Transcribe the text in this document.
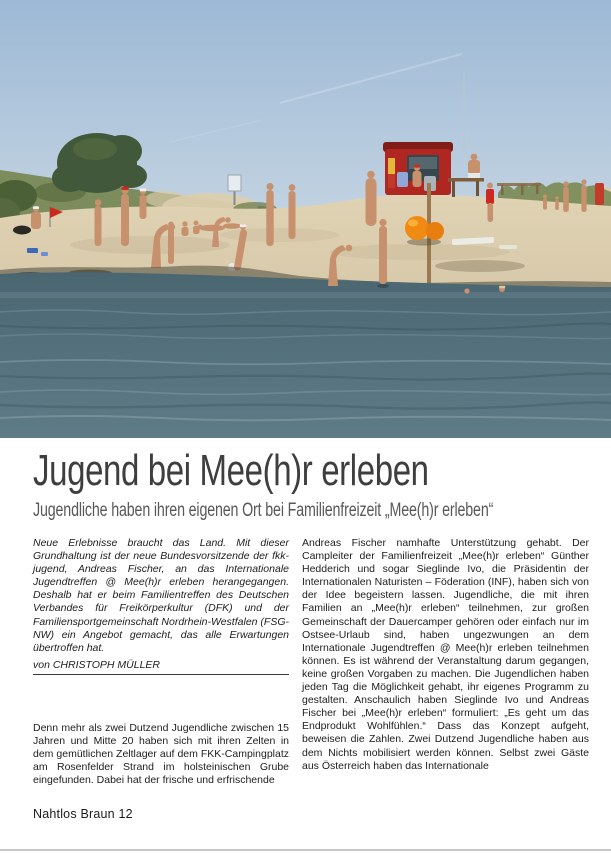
Jugend bei Mee(h)r erleben
Jugendliche haben ihren eigenen Ort bei Familienfreizeit „Mee(h)r erleben“

Neue Erlebnisse braucht das Land. Mit dieser Grundhaltung ist der neue Bundesvorsitzende der fkk-jugend, Andreas Fischer, an das Internationale Jugendtreffen @ Mee(h)r erleben herangegangen. Deshalb hat er beim Familientreffen des Deutschen Verbandes für Freikörperkultur (DFK) und der Familiensportgemeinschaft Nordrhein-Westfalen (FSG-NW) ein Angebot gemacht, das alle Erwartungen übertroffen hat.

von CHRISTOPH MÜLLER

Denn mehr als zwei Dutzend Jugendliche zwischen 15 Jahren und Mitte 20 haben sich mit ihren Zelten in dem gemütlichen Zeltlager auf dem FKK-Campingplatz am Rosenfelder Strand im holsteinischen Grube eingefunden. Dabei hat der frische und erfrischende

Andreas Fischer namhafte Unterstützung gehabt. Der Campleiter der Familienfreizeit „Mee(h)r erleben“ Günther Hedderich und sogar Sieglinde Ivo, die Präsidentin der Internationalen Naturisten – Föderation (INF), haben sich von der Idee begeistern lassen. Jugendliche, die mit ihren Familien an „Mee(h)r erleben“ teilnehmen, zur großen Gemeinschaft der Dauercamper gehören oder einfach nur im Ostsee-Urlaub sind, haben ungezwungen an dem Internationale Jugendtreffen @ Mee(h)r erleben teilnehmen können. Es ist während der Veranstaltung darum gegangen, keine großen Vorgaben zu machen. Die Jugendlichen haben jeden Tag die Möglichkeit gehabt, ihr eigenes Programm zu gestalten. Anschaulich haben Sieglinde Ivo und Andreas Fischer bei „Mee(h)r erleben“ formuliert: „Es geht um das Endprodukt Wohlfühlen.“ Dass das Konzept aufgeht, beweisen die Zahlen. Zwei Dutzend Jugendliche haben aus dem Nichts mobilisiert werden können. Selbst zwei Gäste aus Österreich haben das Internationale

Nahtlos Braun 12
